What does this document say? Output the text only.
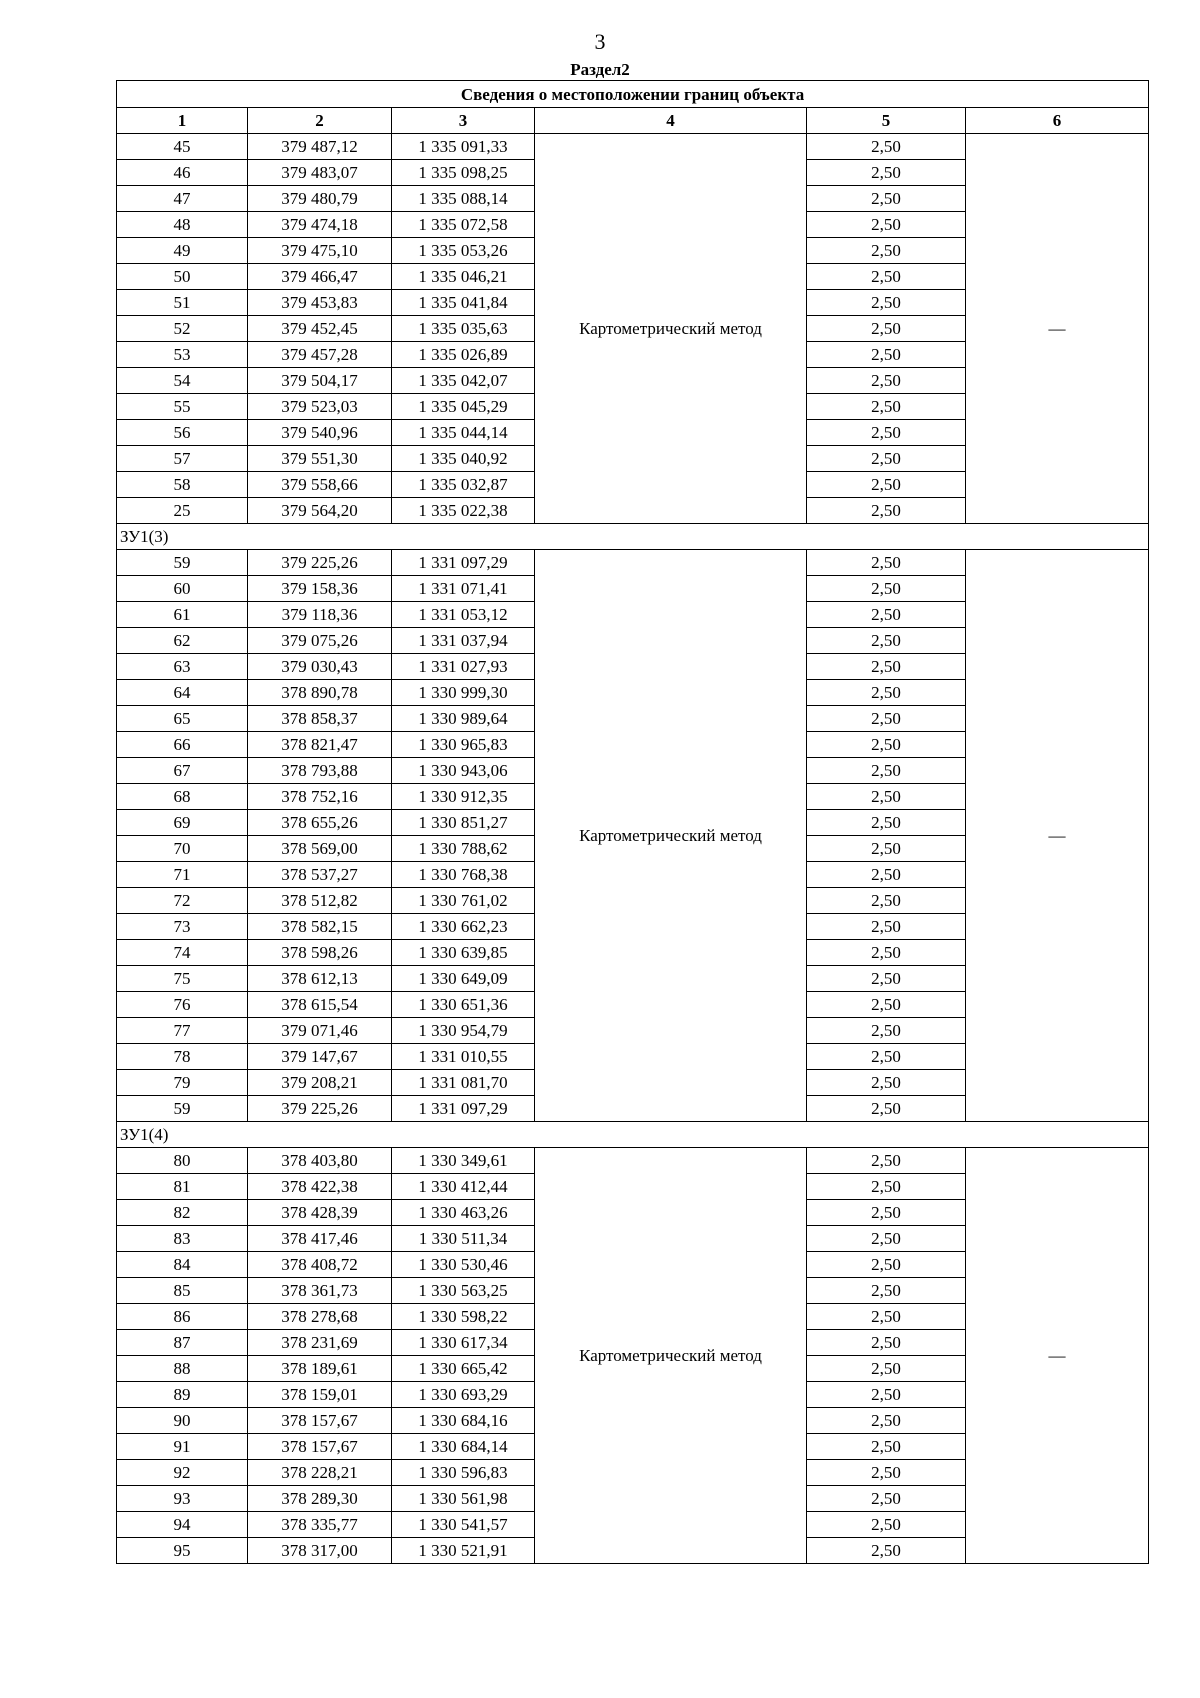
3
Раздел2
Сведения о местоположении границ объекта					
1	2	3	4	5	6
45	379 487,12	1 335 091,33	Картометрический метод	2,50	—
46	379 483,07	1 335 098,25		2,50	
47	379 480,79	1 335 088,14		2,50	
48	379 474,18	1 335 072,58		2,50	
49	379 475,10	1 335 053,26		2,50	
50	379 466,47	1 335 046,21		2,50	
51	379 453,83	1 335 041,84		2,50	
52	379 452,45	1 335 035,63		2,50	
53	379 457,28	1 335 026,89		2,50	
54	379 504,17	1 335 042,07		2,50	
55	379 523,03	1 335 045,29		2,50	
56	379 540,96	1 335 044,14		2,50	
57	379 551,30	1 335 040,92		2,50	
58	379 558,66	1 335 032,87		2,50	
25	379 564,20	1 335 022,38		2,50	
ЗУ1(3)					
59	379 225,26	1 331 097,29	Картометрический метод	2,50	—
60	379 158,36	1 331 071,41		2,50	
61	379 118,36	1 331 053,12		2,50	
62	379 075,26	1 331 037,94		2,50	
63	379 030,43	1 331 027,93		2,50	
64	378 890,78	1 330 999,30		2,50	
65	378 858,37	1 330 989,64		2,50	
66	378 821,47	1 330 965,83		2,50	
67	378 793,88	1 330 943,06		2,50	
68	378 752,16	1 330 912,35		2,50	
69	378 655,26	1 330 851,27		2,50	
70	378 569,00	1 330 788,62		2,50	
71	378 537,27	1 330 768,38		2,50	
72	378 512,82	1 330 761,02		2,50	
73	378 582,15	1 330 662,23		2,50	
74	378 598,26	1 330 639,85		2,50	
75	378 612,13	1 330 649,09		2,50	
76	378 615,54	1 330 651,36		2,50	
77	379 071,46	1 330 954,79		2,50	
78	379 147,67	1 331 010,55		2,50	
79	379 208,21	1 331 081,70		2,50	
59	379 225,26	1 331 097,29		2,50	
ЗУ1(4)					
80	378 403,80	1 330 349,61	Картометрический метод	2,50	—
81	378 422,38	1 330 412,44		2,50	
82	378 428,39	1 330 463,26		2,50	
83	378 417,46	1 330 511,34		2,50	
84	378 408,72	1 330 530,46		2,50	
85	378 361,73	1 330 563,25		2,50	
86	378 278,68	1 330 598,22		2,50	
87	378 231,69	1 330 617,34		2,50	
88	378 189,61	1 330 665,42		2,50	
89	378 159,01	1 330 693,29		2,50	
90	378 157,67	1 330 684,16		2,50	
91	378 157,67	1 330 684,14		2,50	
92	378 228,21	1 330 596,83		2,50	
93	378 289,30	1 330 561,98		2,50	
94	378 335,77	1 330 541,57		2,50	
95	378 317,00	1 330 521,91		2,50	
